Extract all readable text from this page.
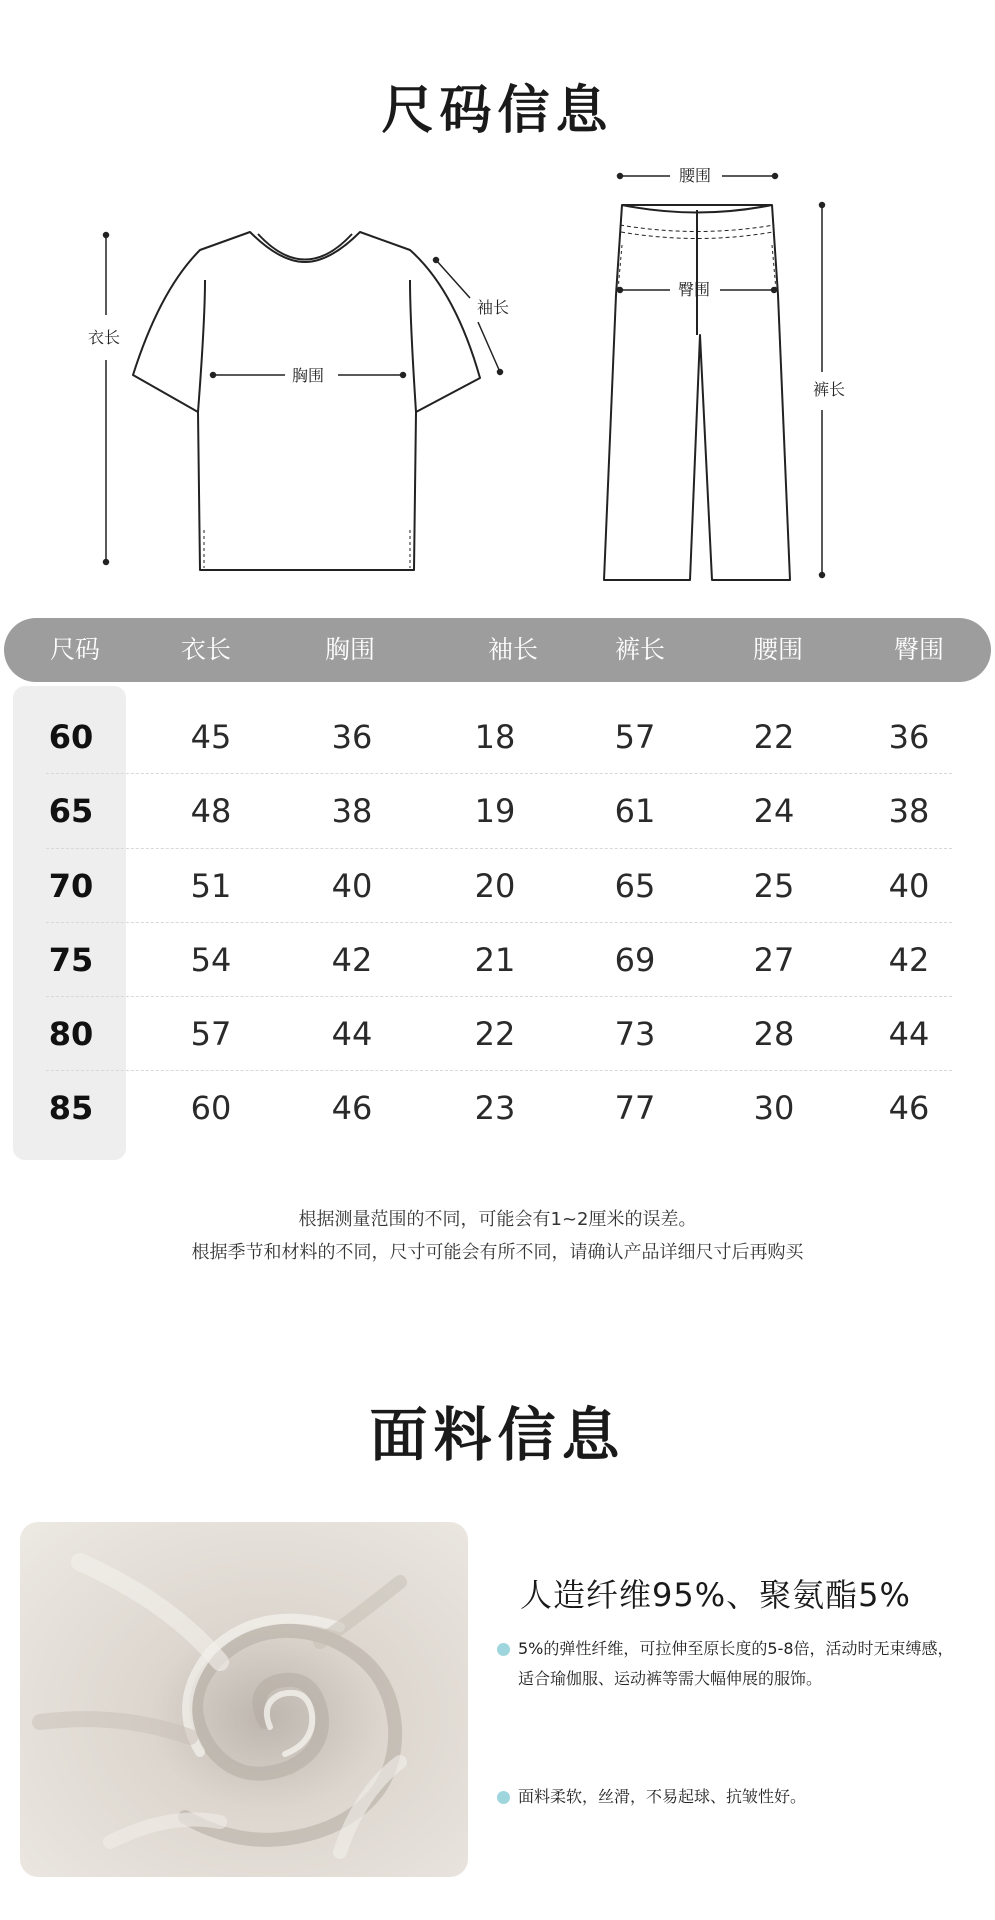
尺码信息
衣长
胸围
袖长
腰围
臀围
裤长
尺码	衣长	胸围	袖长	裤长	腰围	臀围
60	45	36	18	57	22	36
65	48	38	19	61	24	38
70	51	40	20	65	25	40
75	54	42	21	69	27	42
80	57	44	22	73	28	44
85	60	46	23	77	30	46
根据测量范围的不同，可能会有1~2厘米的误差。
根据季节和材料的不同，尺寸可能会有所不同，请确认产品详细尺寸后再购买
面料信息
人造纤维95%、聚氨酯5%
5%的弹性纤维，可拉伸至原长度的5-8倍，活动时无束缚感，
适合瑜伽服、运动裤等需大幅伸展的服饰。
面料柔软，丝滑，不易起球、抗皱性好。
